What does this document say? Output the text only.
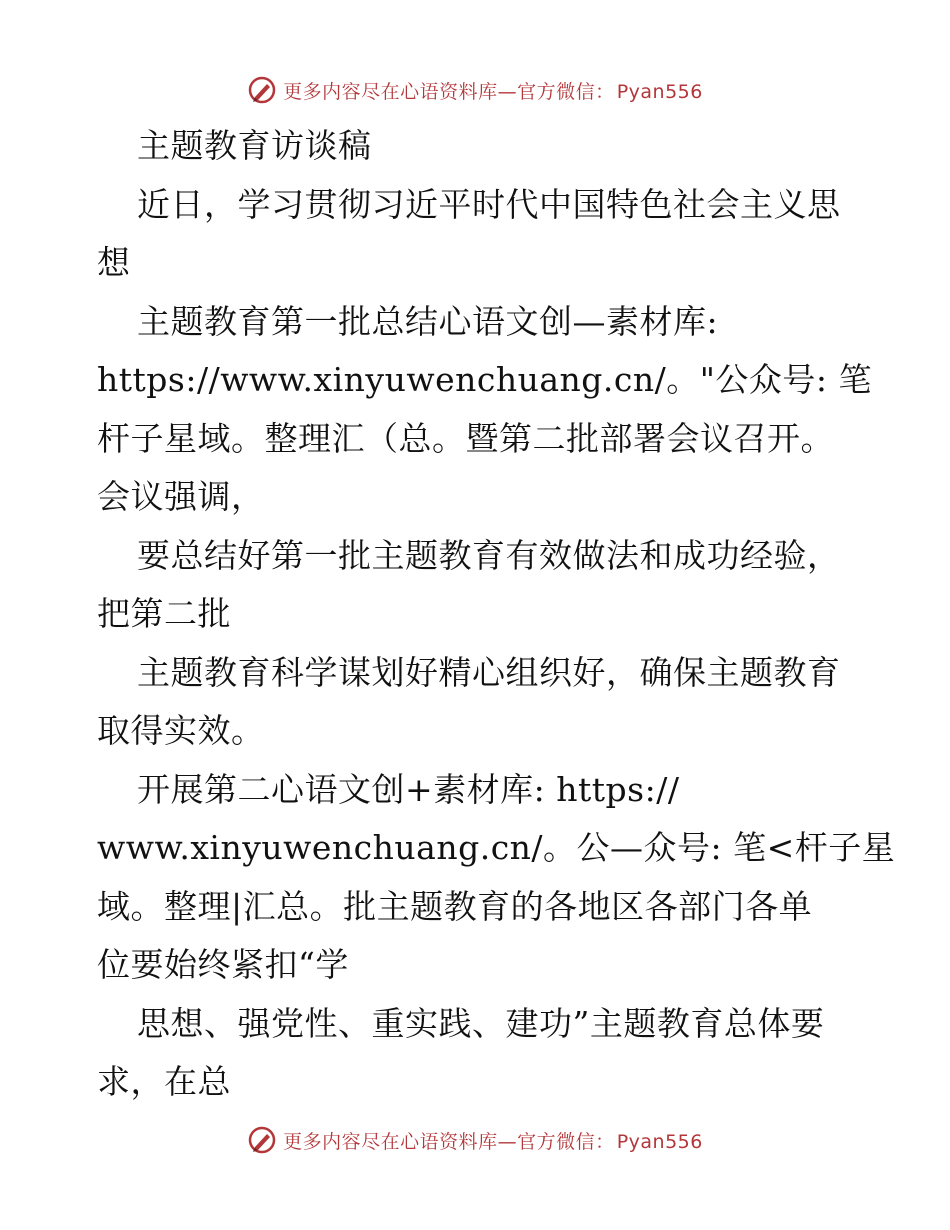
更多内容尽在心语资料库—官方微信： Pyan556
主题教育访谈稿
近日，学习贯彻习近平时代中国特色社会主义思
想
主题教育第一批总结心语文创—素材库:
https://www.xinyuwenchuang.cn/。"公众号: 笔
杆子星域。整理汇（总。暨第二批部署会议召开。
会议强调，
要总结好第一批主题教育有效做法和成功经验，
把第二批
主题教育科学谋划好精心组织好，确保主题教育
取得实效。
开展第二心语文创+素材库: https://
www.xinyuwenchuang.cn/。公—众号: 笔<杆子星
域。整理|汇总。批主题教育的各地区各部门各单
位要始终紧扣“学
思想、强党性、重实践、建功”主题教育总体要
求，在总
更多内容尽在心语资料库—官方微信： Pyan556
